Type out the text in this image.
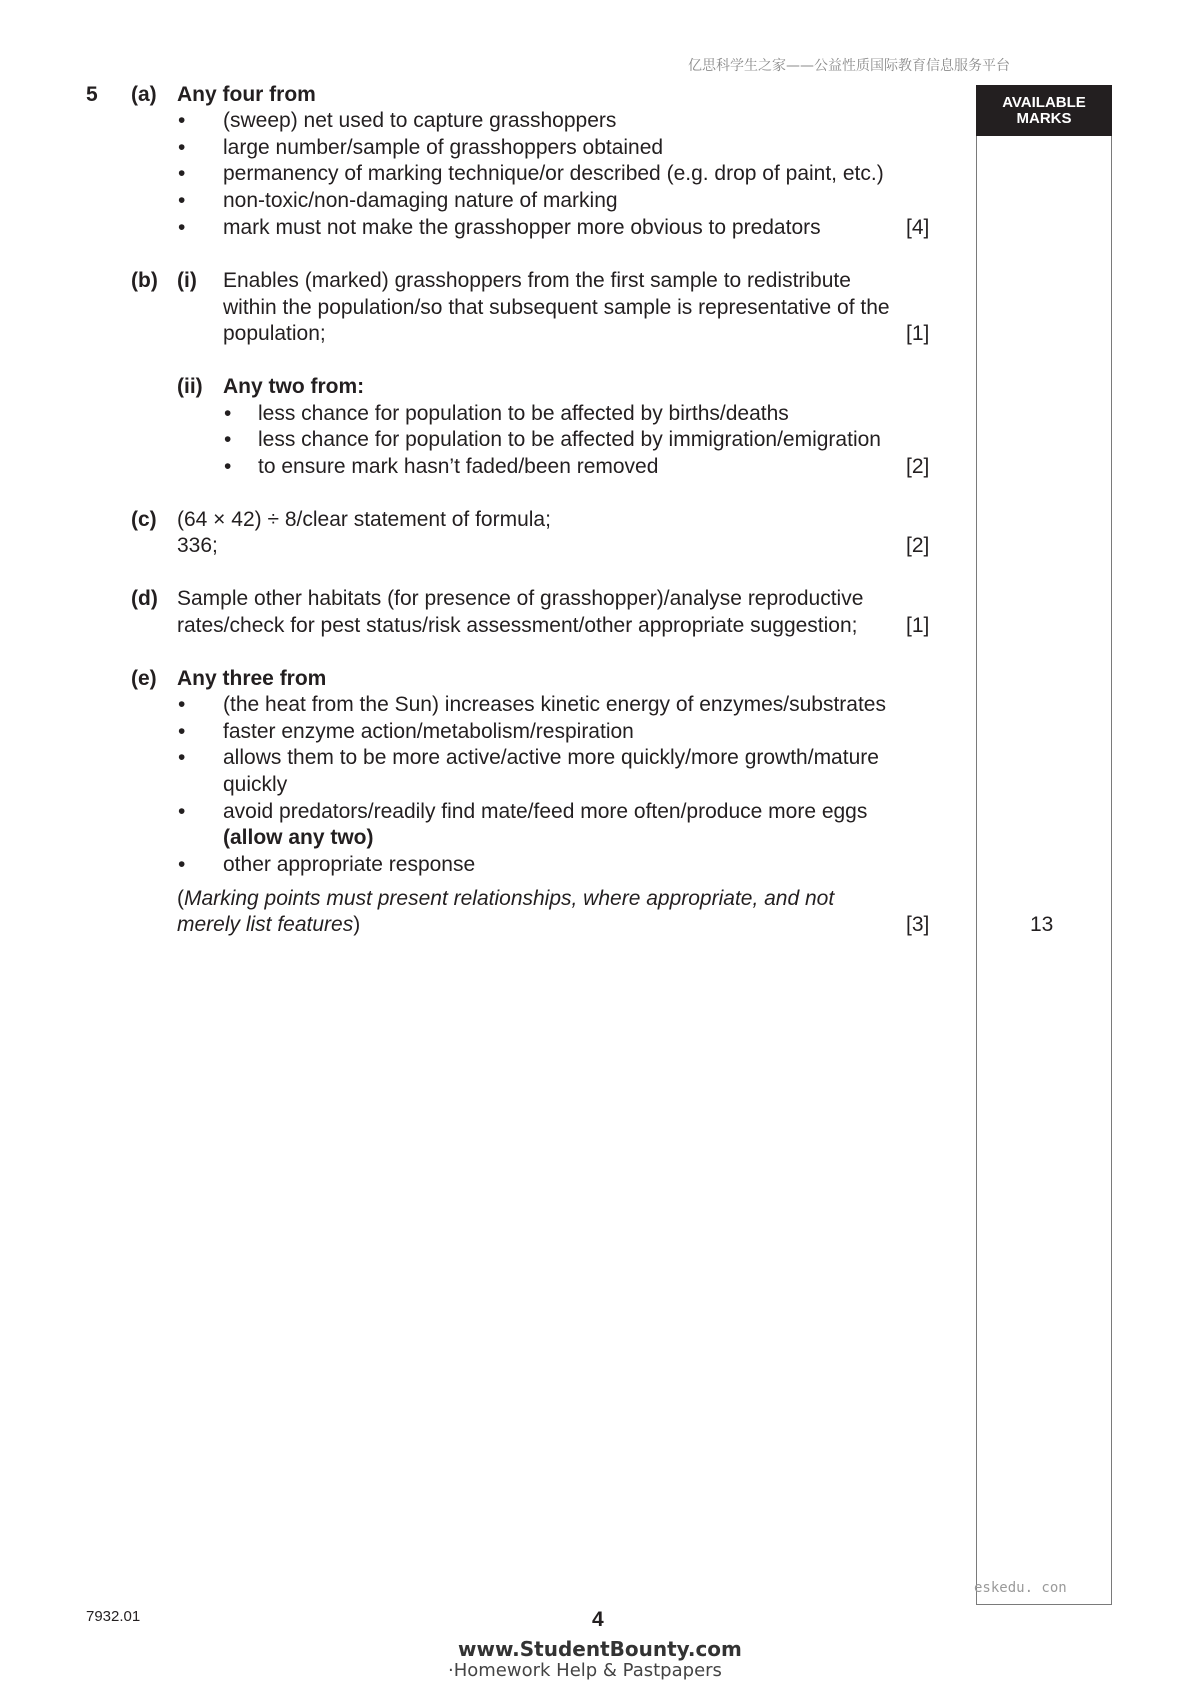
亿思科学生之家——公益性质国际教育信息服务平台
AVAILABLE
MARKS
13
5 (a) Any four from
• (sweep) net used to capture grasshoppers
• large number/sample of grasshoppers obtained
• permanency of marking technique/or described (e.g. drop of paint, etc.)
• non-toxic/non-damaging nature of marking
• mark must not make the grasshopper more obvious to predators	[4]
(b) (i) Enables (marked) grasshoppers from the first sample to redistribute
within the population/so that subsequent sample is representative of the
population;	[1]
(ii) Any two from:
• less chance for population to be affected by births/deaths
• less chance for population to be affected by immigration/emigration
• to ensure mark hasn’t faded/been removed	[2]
(c) (64 × 42) ÷ 8/clear statement of formula;
336;	[2]
(d) Sample other habitats (for presence of grasshopper)/analyse reproductive
rates/check for pest status/risk assessment/other appropriate suggestion; [1]
(e) Any three from
• (the heat from the Sun) increases kinetic energy of enzymes/substrates
• faster enzyme action/metabolism/respiration
• allows them to be more active/active more quickly/more growth/mature
quickly
• avoid predators/readily find mate/feed more often/produce more eggs
(allow any two)
• other appropriate response
(Marking points must present relationships, where appropriate, and not
merely list features)	[3]
eskedu. con
7932.01	4
www.StudentBounty.com
·Homework Help & Pastpapers
